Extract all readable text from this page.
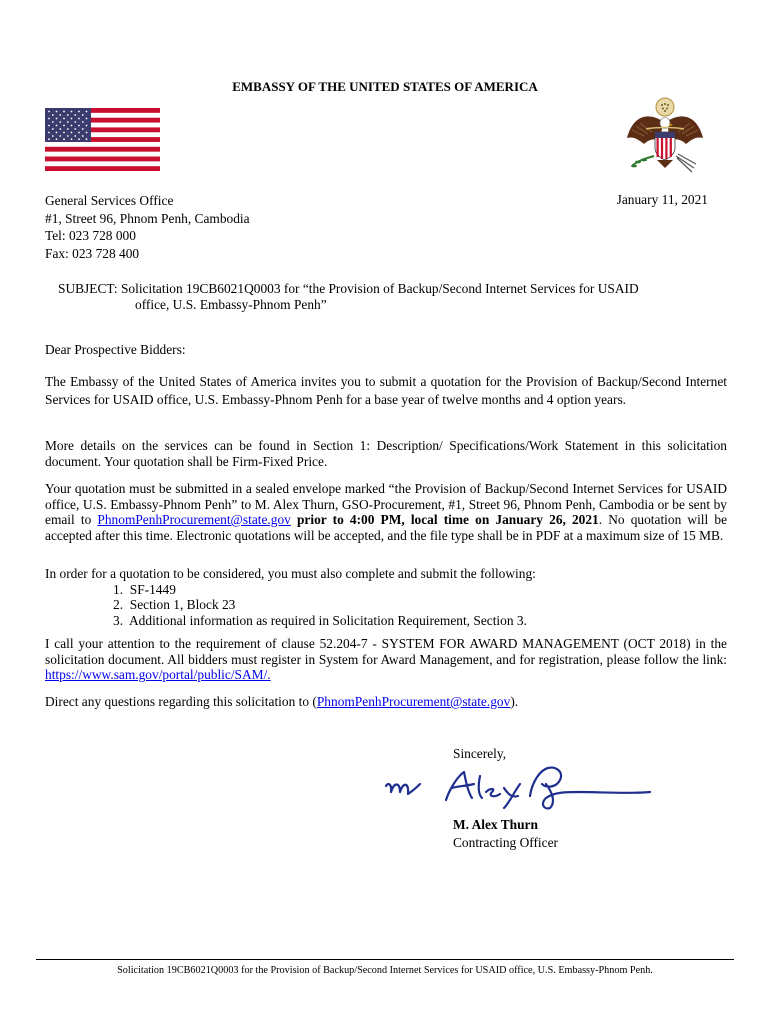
EMBASSY OF THE UNITED STATES OF AMERICA
General Services Office
#1, Street 96, Phnom Penh, Cambodia
Tel: 023 728 000
Fax: 023 728 400
January 11, 2021
SUBJECT: Solicitation 19CB6021Q0003 for “the Provision of Backup/Second Internet Services for USAID
office, U.S. Embassy-Phnom Penh”
Dear Prospective Bidders:
The Embassy of the United States of America invites you to submit a quotation for the Provision of Backup/Second Internet Services for USAID office, U.S. Embassy-Phnom Penh for a base year of twelve months and 4 option years.
More details on the services can be found in Section 1: Description/ Specifications/Work Statement in this solicitation document. Your quotation shall be Firm-Fixed Price.
Your quotation must be submitted in a sealed envelope marked “the Provision of Backup/Second Internet Services for USAID office, U.S. Embassy-Phnom Penh” to M. Alex Thurn, GSO-Procurement, #1, Street 96, Phnom Penh, Cambodia or be sent by email to PhnomPenhProcurement@state.gov prior to 4:00 PM, local time on January 26, 2021. No quotation will be accepted after this time. Electronic quotations will be accepted, and the file type shall be in PDF at a maximum size of 15 MB.
In order for a quotation to be considered, you must also complete and submit the following:
1. SF-1449
2. Section 1, Block 23
3. Additional information as required in Solicitation Requirement, Section 3.
I call your attention to the requirement of clause 52.204-7 - SYSTEM FOR AWARD MANAGEMENT (OCT 2018) in the solicitation document. All bidders must register in System for Award Management, and for registration, please follow the link: https://www.sam.gov/portal/public/SAM/.
Direct any questions regarding this solicitation to (PhnomPenhProcurement@state.gov).
Sincerely,
M. Alex Thurn
Contracting Officer
Solicitation 19CB6021Q0003 for the Provision of Backup/Second Internet Services for USAID office, U.S. Embassy-Phnom Penh.
